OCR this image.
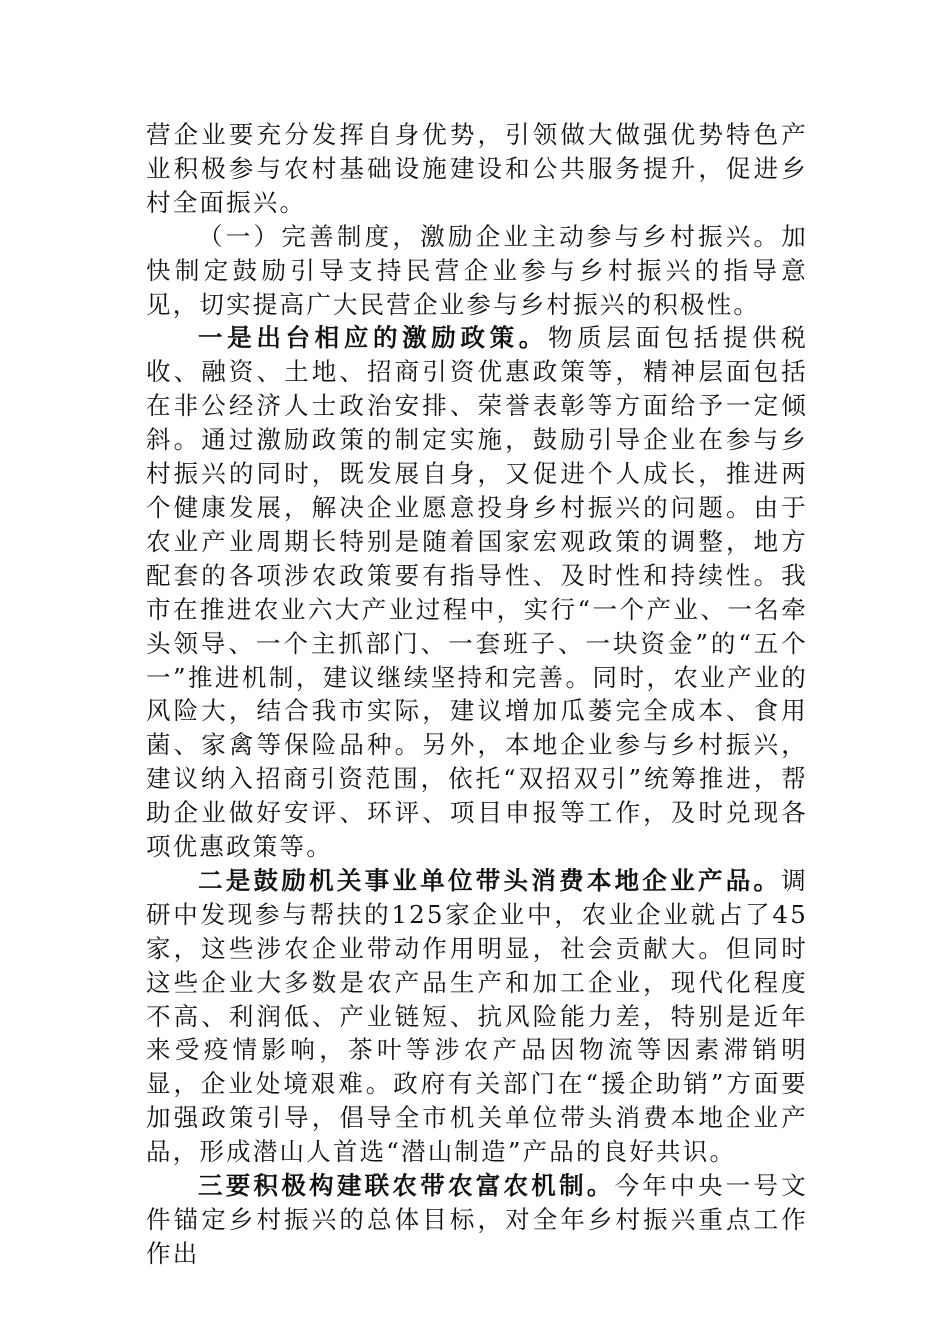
营企业要充分发挥自身优势，引领做大做强优势特色产业积极参与农村基础设施建设和公共服务提升，促进乡村全面振兴。

（一）完善制度，激励企业主动参与乡村振兴。加快制定鼓励引导支持民营企业参与乡村振兴的指导意见，切实提高广大民营企业参与乡村振兴的积极性。

一是出台相应的激励政策。物质层面包括提供税收、融资、土地、招商引资优惠政策等，精神层面包括在非公经济人士政治安排、荣誉表彰等方面给予一定倾斜。通过激励政策的制定实施，鼓励引导企业在参与乡村振兴的同时，既发展自身，又促进个人成长，推进两个健康发展，解决企业愿意投身乡村振兴的问题。由于农业产业周期长特别是随着国家宏观政策的调整，地方配套的各项涉农政策要有指导性、及时性和持续性。我市在推进农业六大产业过程中，实行“一个产业、一名牵头领导、一个主抓部门、一套班子、一块资金”的“五个一”推进机制，建议继续坚持和完善。同时，农业产业的风险大，结合我市实际，建议增加瓜蒌完全成本、食用菌、家禽等保险品种。另外，本地企业参与乡村振兴，建议纳入招商引资范围，依托“双招双引”统筹推进，帮助企业做好安评、环评、项目申报等工作，及时兑现各项优惠政策等。

二是鼓励机关事业单位带头消费本地企业产品。调研中发现参与帮扶的125家企业中，农业企业就占了45家，这些涉农企业带动作用明显，社会贡献大。但同时这些企业大多数是农产品生产和加工企业，现代化程度不高、利润低、产业链短、抗风险能力差，特别是近年来受疫情影响，茶叶等涉农产品因物流等因素滞销明显，企业处境艰难。政府有关部门在“援企助销”方面要加强政策引导，倡导全市机关单位带头消费本地企业产品，形成潜山人首选“潜山制造”产品的良好共识。

三要积极构建联农带农富农机制。今年中央一号文件锚定乡村振兴的总体目标，对全年乡村振兴重点工作作出
